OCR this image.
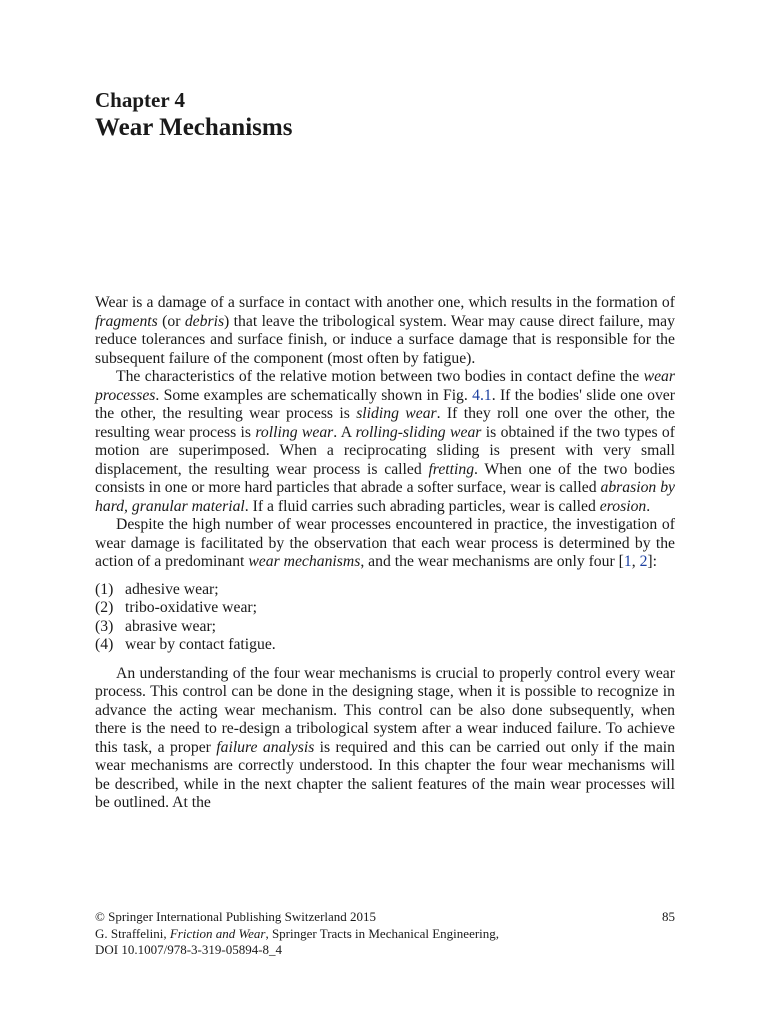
Chapter 4
Wear Mechanisms

Wear is a damage of a surface in contact with another one, which results in the formation of fragments (or debris) that leave the tribological system. Wear may cause direct failure, may reduce tolerances and surface finish, or induce a surface damage that is responsible for the subsequent failure of the component (most often by fatigue).

The characteristics of the relative motion between two bodies in contact define the wear processes. Some examples are schematically shown in Fig. 4.1. If the bodies' slide one over the other, the resulting wear process is sliding wear. If they roll one over the other, the resulting wear process is rolling wear. A rolling-sliding wear is obtained if the two types of motion are superimposed. When a reciprocating sliding is present with very small displacement, the resulting wear process is called fretting. When one of the two bodies consists in one or more hard particles that abrade a softer surface, wear is called abrasion by hard, granular material. If a fluid carries such abrading particles, wear is called erosion.

Despite the high number of wear processes encountered in practice, the investigation of wear damage is facilitated by the observation that each wear process is determined by the action of a predominant wear mechanisms, and the wear mechanisms are only four [1, 2]:

(1) adhesive wear;
(2) tribo-oxidative wear;
(3) abrasive wear;
(4) wear by contact fatigue.

An understanding of the four wear mechanisms is crucial to properly control every wear process. This control can be done in the designing stage, when it is possible to recognize in advance the acting wear mechanism. This control can be also done subsequently, when there is the need to re-design a tribological system after a wear induced failure. To achieve this task, a proper failure analysis is required and this can be carried out only if the main wear mechanisms are correctly understood. In this chapter the four wear mechanisms will be described, while in the next chapter the salient features of the main wear processes will be outlined. At the

© Springer International Publishing Switzerland 2015	85
G. Straffelini, Friction and Wear, Springer Tracts in Mechanical Engineering,
DOI 10.1007/978-3-319-05894-8_4
